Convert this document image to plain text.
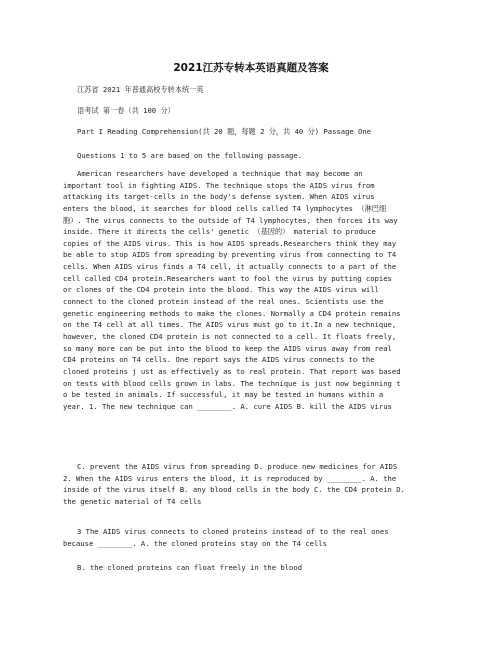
2021江苏专转本英语真题及答案
江苏省 2021 年普通高校专转本统一英
语考试 第一卷（共 100 分）
Part I Reading Comprehension(共 20 题，每题 2 分，共 40 分) Passage One
Questions 1 to 5 are based on the following passage.
American researchers have developed a technique that may become an
important tool in fighting AIDS. The technique stops the AIDS virus from
attacking its target-cells in the body's defense system. When AIDS virus
enters the blood, it searches for blood cells called T4 lymphocytes （淋巴细
胞）. The virus connects to the outside of T4 lymphocytes, then forces its way
inside. There it directs the cells' genetic （基因的） material to produce
copies of the AIDS virus. This is how AIDS spreads.Researchers think they may
be able to stop AIDS from spreading by preventing virus from connecting to T4
cells. When AIDS virus finds a T4 cell, it actually connects to a part of the
cell called CD4 protein.Researchers want to fool the virus by putting copies
or clones of the CD4 protein into the blood. This way the AIDS virus will
connect to the cloned protein instead of the real ones. Scientists use the
genetic engineering methods to make the clones. Normally a CD4 protein remains
on the T4 cell at all times. The AIDS virus must go to it.In a new technique,
however, the cloned CD4 protein is not connected to a cell. It floats freely,
so many more can be put into the blood to keep the AIDS virus away from real
CD4 proteins on T4 cells. One report says the AIDS virus connects to the
cloned proteins j ust as effectively as to real protein. That report was based
on tests with blood cells grown in labs. The technique is just now beginning t
o be tested in animals. If successful, it may be tested in humans within a
year. 1. The new technique can ________. A. cure AIDS B. kill the AIDS virus
C. prevent the AIDS virus from spreading D. produce new medicines for AIDS
2. When the AIDS virus enters the blood, it is reproduced by ________. A. the
inside of the virus itself B. any blood cells in the body C. the CD4 protein D.
the genetic material of T4 cells
3 The AIDS virus connects to cloned proteins instead of to the real ones
because ________. A. the cloned proteins stay on the T4 cells
B. the cloned proteins can float freely in the blood
